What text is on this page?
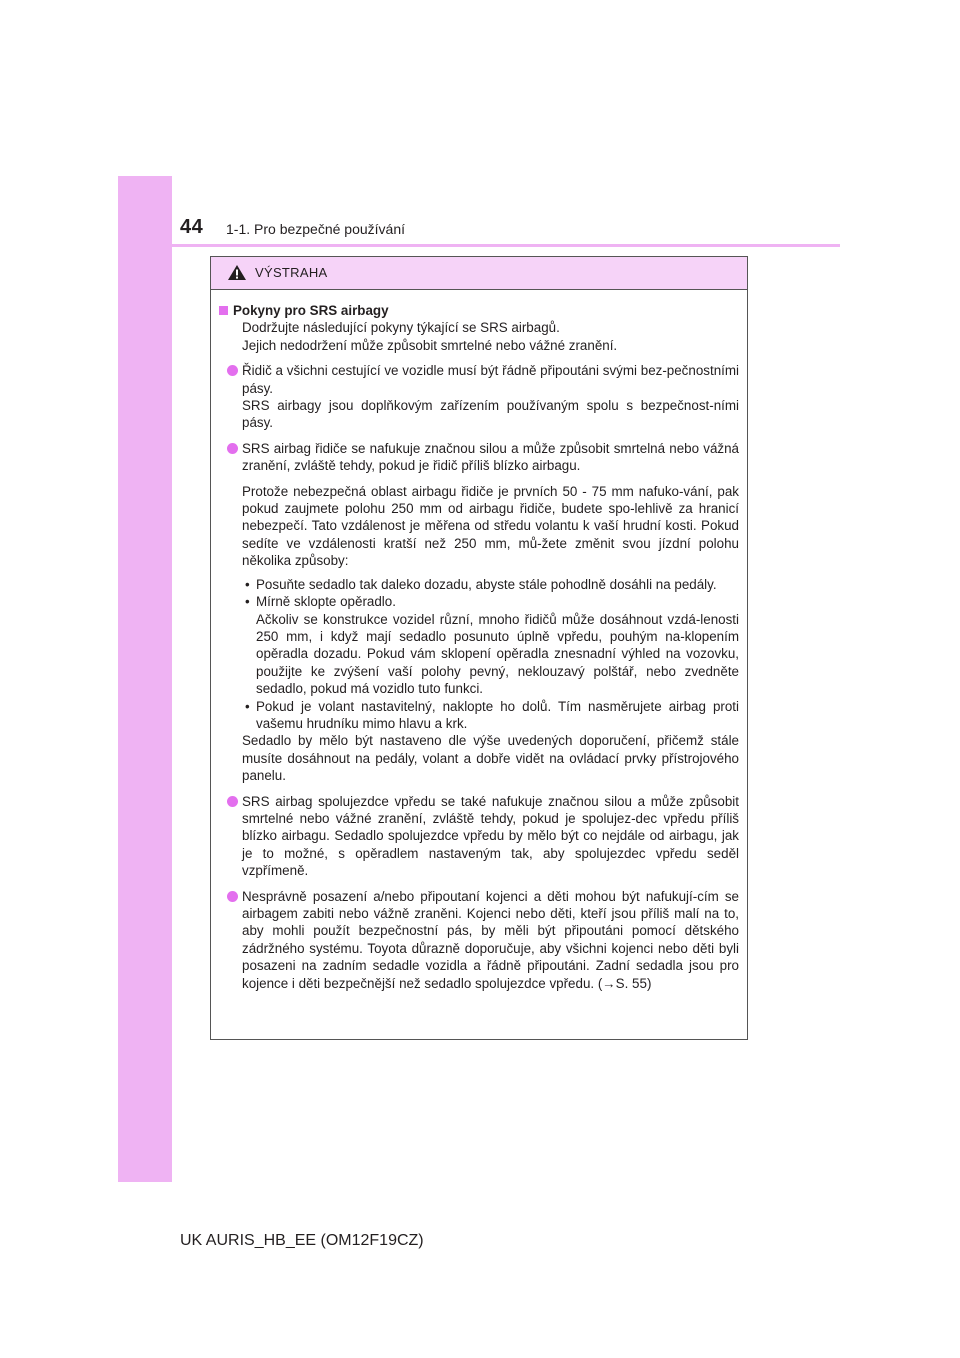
44 1-1. Pro bezpečné používání
VÝSTRAHA
Pokyny pro SRS airbagy

Dodržujte následující pokyny týkající se SRS airbagů.

Jejich nedodržení může způsobit smrtelné nebo vážné zranění.

Řidič a všichni cestující ve vozidle musí být řádně připoutáni svými bez-pečnostními pásy.

SRS airbagy jsou doplňkovým zařízením používaným spolu s bezpečnost-ními pásy.

SRS airbag řidiče se nafukuje značnou silou a může způsobit smrtelná nebo vážná zranění, zvláště tehdy, pokud je řidič příliš blízko airbagu.

Protože nebezpečná oblast airbagu řidiče je prvních 50 - 75 mm nafuko-vání, pak pokud zaujmete polohu 250 mm od airbagu řidiče, budete spo-lehlivě za hranicí nebezpečí. Tato vzdálenost je měřena od středu volantu k vaší hrudní kosti. Pokud sedíte ve vzdálenosti kratší než 250 mm, mů-žete změnit svou jízdní polohu několika způsoby:

• Posuňte sedadlo tak daleko dozadu, abyste stále pohodlně dosáhli na pedály.

• Mírně sklopte opěradlo.

Ačkoliv se konstrukce vozidel různí, mnoho řidičů může dosáhnout vzdá-lenosti 250 mm, i když mají sedadlo posunuto úplně vpředu, pouhým na-klopením opěradla dozadu. Pokud vám sklopení opěradla znesnadní výhled na vozovku, použijte ke zvýšení vaší polohy pevný, neklouzavý polštář, nebo zvedněte sedadlo, pokud má vozidlo tuto funkci.

• Pokud je volant nastavitelný, naklopte ho dolů. Tím nasměrujete airbag proti vašemu hrudníku mimo hlavu a krk.

Sedadlo by mělo být nastaveno dle výše uvedených doporučení, přičemž stále musíte dosáhnout na pedály, volant a dobře vidět na ovládací prvky přístrojového panelu.

SRS airbag spolujezdce vpředu se také nafukuje značnou silou a může způsobit smrtelné nebo vážné zranění, zvláště tehdy, pokud je spolujez-dec vpředu příliš blízko airbagu. Sedadlo spolujezdce vpředu by mělo být co nejdále od airbagu, jak je to možné, s opěradlem nastaveným tak, aby spolujezdec vpředu seděl vzpřímeně.

Nesprávně posazení a/nebo připoutaní kojenci a děti mohou být nafukují-cím se airbagem zabiti nebo vážně zraněni. Kojenci nebo děti, kteří jsou příliš malí na to, aby mohli použít bezpečnostní pás, by měli být připoutáni pomocí dětského zádržného systému. Toyota důrazně doporučuje, aby všichni kojenci nebo děti byli posazeni na zadním sedadle vozidla a řádně připoutáni. Zadní sedadla jsou pro kojence i děti bezpečnější než sedadlo spolujezdce vpředu. (→S. 55)

UK AURIS_HB_EE (OM12F19CZ)
